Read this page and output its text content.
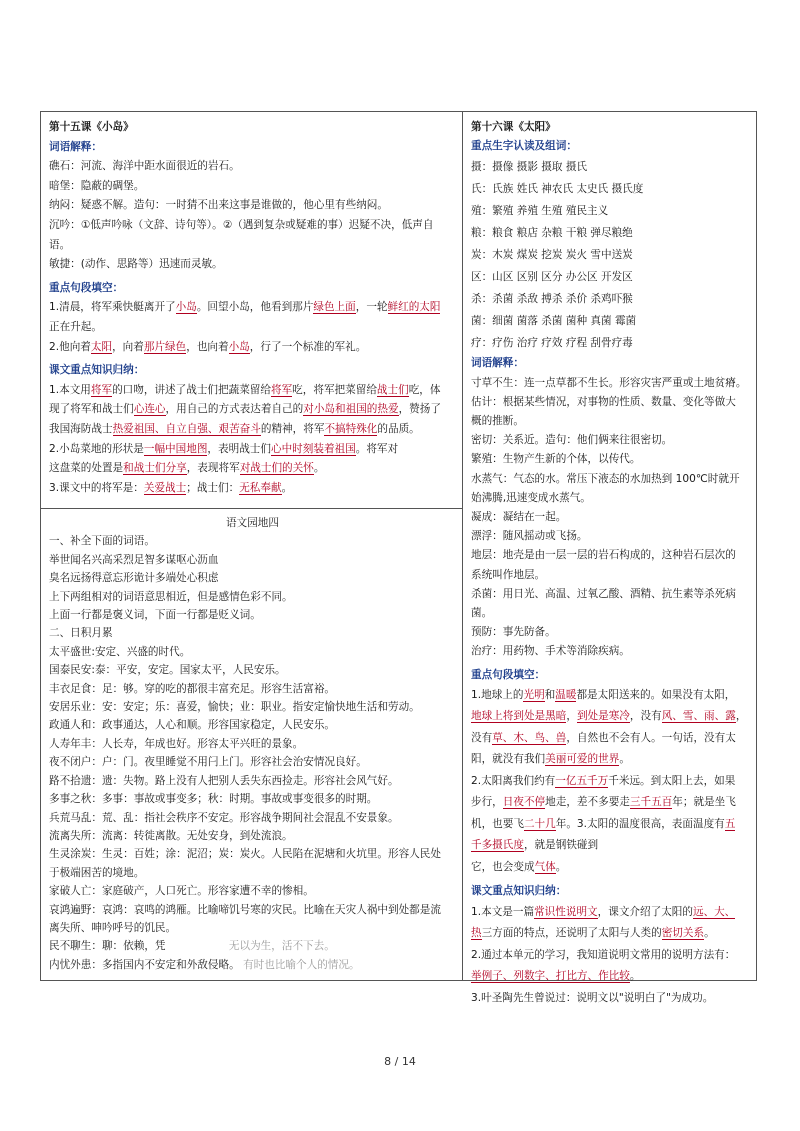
第十五课《小岛》
词语解释：
礁石：河流、海洋中距水面很近的岩石。
暗堡：隐蔽的碉堡。
纳闷：疑惑不解。造句：一时猜不出来这事是谁做的，他心里有些纳闷。
沉吟：①低声吟咏（文辞、诗句等）。②（遇到复杂或疑难的事）迟疑不决，低声自
语。
敏捷：(动作、思路等）迅速而灵敏。
重点句段填空：
1.清晨，将军乘快艇离开了小岛。回望小岛，他看到那片绿色上面，一轮鲜红的太阳
正在升起。
2.他向着太阳，向着那片绿色，也向着小岛，行了一个标准的军礼。
课文重点知识归纳：
1.本文用将军的口吻，讲述了战士们把蔬菜留给将军吃，将军把菜留给战士们吃，体
现了将军和战士们心连心，用自己的方式表达着自己的对小岛和祖国的热爱，赞扬了
我国海防战士热爱祖国、自立自强、艰苦奋斗的精神，将军不搞特殊化的品质。
2.小岛菜地的形状是一幅中国地图，表明战士们心中时刻装着祖国。将军对
这盘菜的处置是和战士们分享，表现将军对战士们的关怀。
3.课文中的将军是：关爱战士；战士们：无私奉献。
语文园地四
一、补全下面的词语。
举世闻名兴高采烈足智多谋呕心沥血
臭名远扬得意忘形诡计多端处心积虑
上下两组相对的词语意思相近，但是感情色彩不同。
上面一行都是褒义词，下面一行都是贬义词。
二、日积月累
太平盛世:安定、兴盛的时代。
国泰民安:泰：平安，安定。国家太平，人民安乐。
丰衣足食：足：够。穿的吃的都很丰富充足。形容生活富裕。
安居乐业：安：安定；乐：喜爱，愉快；业：职业。指安定愉快地生活和劳动。
政通人和：政事通达，人心和顺。形容国家稳定，人民安乐。
人寿年丰：人长寿，年成也好。形容太平兴旺的景象。
夜不闭户：户：门。夜里睡觉不用闩上门。形容社会治安情况良好。
路不拾遗：遗：失物。路上没有人把别人丢失东西捡走。形容社会风气好。
多事之秋：多事：事故或事变多；秋：时期。事故或事变很多的时期。
兵荒马乱：荒、乱：指社会秩序不安定。形容战争期间社会混乱不安景象。
流离失所：流离：转徙离散。无处安身，到处流浪。
生灵涂炭：生灵：百姓；涂：泥沼；炭：炭火。人民陷在泥塘和火坑里。形容人民处
于极端困苦的境地。
家破人亡：家庭破产，人口死亡。形容家遭不幸的惨相。
哀鸿遍野：哀鸿：哀鸣的鸿雁。比喻啼饥号寒的灾民。比喻在天灾人祸中到处都是流
离失所、呻吟呼号的饥民。
民不聊生：聊：依赖，凭	无以为生，活不下去。
内忧外患：多指国内不安定和外敌侵略。 有时也比喻个人的情况。
第十六课《太阳》
重点生字认读及组词：
摄：摄像 摄影 摄取 摄氏
氏：氏族 姓氏 神农氏 太史氏 摄氏度
殖：繁殖 养殖 生殖 殖民主义
粮：粮食 粮店 杂粮 干粮 弹尽粮绝
炭：木炭 煤炭 挖炭 炭火 雪中送炭
区：山区 区别 区分 办公区 开发区
杀：杀菌 杀敌 搏杀 杀价 杀鸡吓猴
菌：细菌 菌落 杀菌 菌种 真菌 霉菌
疗：疗伤 治疗 疗效 疗程 刮骨疗毒
词语解释：
寸草不生：连一点草都不生长。形容灾害严重或土地贫瘠。
估计：根据某些情况，对事物的性质、数量、变化等做大
概的推断。
密切：关系近。造句：他们俩来往很密切。
繁殖：生物产生新的个体，以传代。
水蒸气：气态的水。常压下液态的水加热到 100℃时就开
始沸腾,迅速变成水蒸气。
凝成：凝结在一起。
漂浮：随风摇动或飞扬。
地层：地壳是由一层一层的岩石构成的，这种岩石层次的
系统叫作地层。
杀菌：用日光、高温、过氧乙酸、酒精、抗生素等杀死病
菌。
预防：事先防备。
治疗：用药物、手术等消除疾病。
重点句段填空：
1.地球上的光明和温暖都是太阳送来的。如果没有太阳，
地球上将到处是黑暗，到处是寒冷，没有风、雪、雨、露，
没有草、木、鸟、兽，自然也不会有人。一句话，没有太
阳，就没有我们美丽可爱的世界。
2.太阳离我们约有一亿五千万千米远。到太阳上去，如果
步行，日夜不停地走，差不多要走三千五百年；就是坐飞
机，也要飞二十几年。3.太阳的温度很高，表面温度有五
千多摄氏度，就是钢铁碰到
它，也会变成气体。
课文重点知识归纳：
1.本文是一篇常识性说明文，课文介绍了太阳的远、大、
热三方面的特点，还说明了太阳与人类的密切关系。
2.通过本单元的学习，我知道说明文常用的说明方法有：
举例子、列数字、打比方、作比较。
3.叶圣陶先生曾说过：说明文以"说明白了"为成功。
8 / 14
